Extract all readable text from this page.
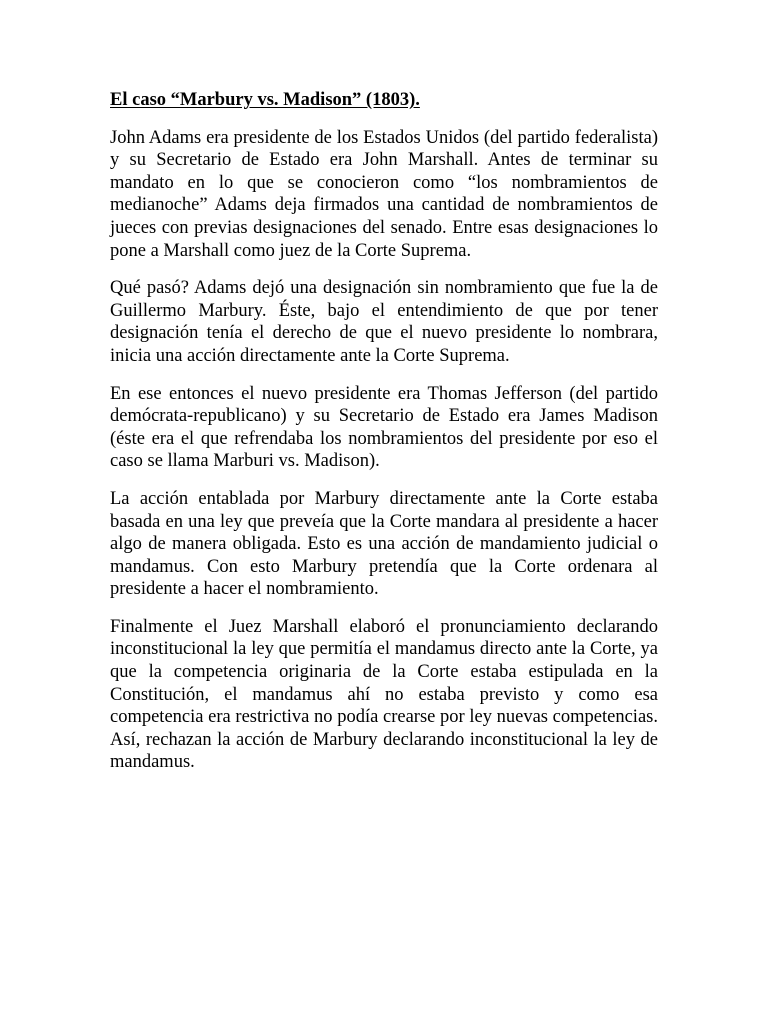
El caso “Marbury vs. Madison” (1803).

John Adams era presidente de los Estados Unidos (del partido federalista) y su Secretario de Estado era John Marshall. Antes de terminar su mandato en lo que se conocieron como “los nombramientos de medianoche” Adams deja firmados una cantidad de nombramientos de jueces con previas designaciones del senado. Entre esas designaciones lo pone a Marshall como juez de la Corte Suprema.

Qué pasó? Adams dejó una designación sin nombramiento que fue la de Guillermo Marbury. Éste, bajo el entendimiento de que por tener designación tenía el derecho de que el nuevo presidente lo nombrara, inicia una acción directamente ante la Corte Suprema.

En ese entonces el nuevo presidente era Thomas Jefferson (del partido demócrata-republicano) y su Secretario de Estado era James Madison (éste era el que refrendaba los nombramientos del presidente por eso el caso se llama Marburi vs. Madison).

La acción entablada por Marbury directamente ante la Corte estaba basada en una ley que preveía que la Corte mandara al presidente a hacer algo de manera obligada. Esto es una acción de mandamiento judicial o mandamus. Con esto Marbury pretendía que la Corte ordenara al presidente a hacer el nombramiento.

Finalmente el Juez Marshall elaboró el pronunciamiento declarando inconstitucional la ley que permitía el mandamus directo ante la Corte, ya que la competencia originaria de la Corte estaba estipulada en la Constitución, el mandamus ahí no estaba previsto y como esa competencia era restrictiva no podía crearse por ley nuevas competencias. Así, rechazan la acción de Marbury declarando inconstitucional la ley de mandamus.
